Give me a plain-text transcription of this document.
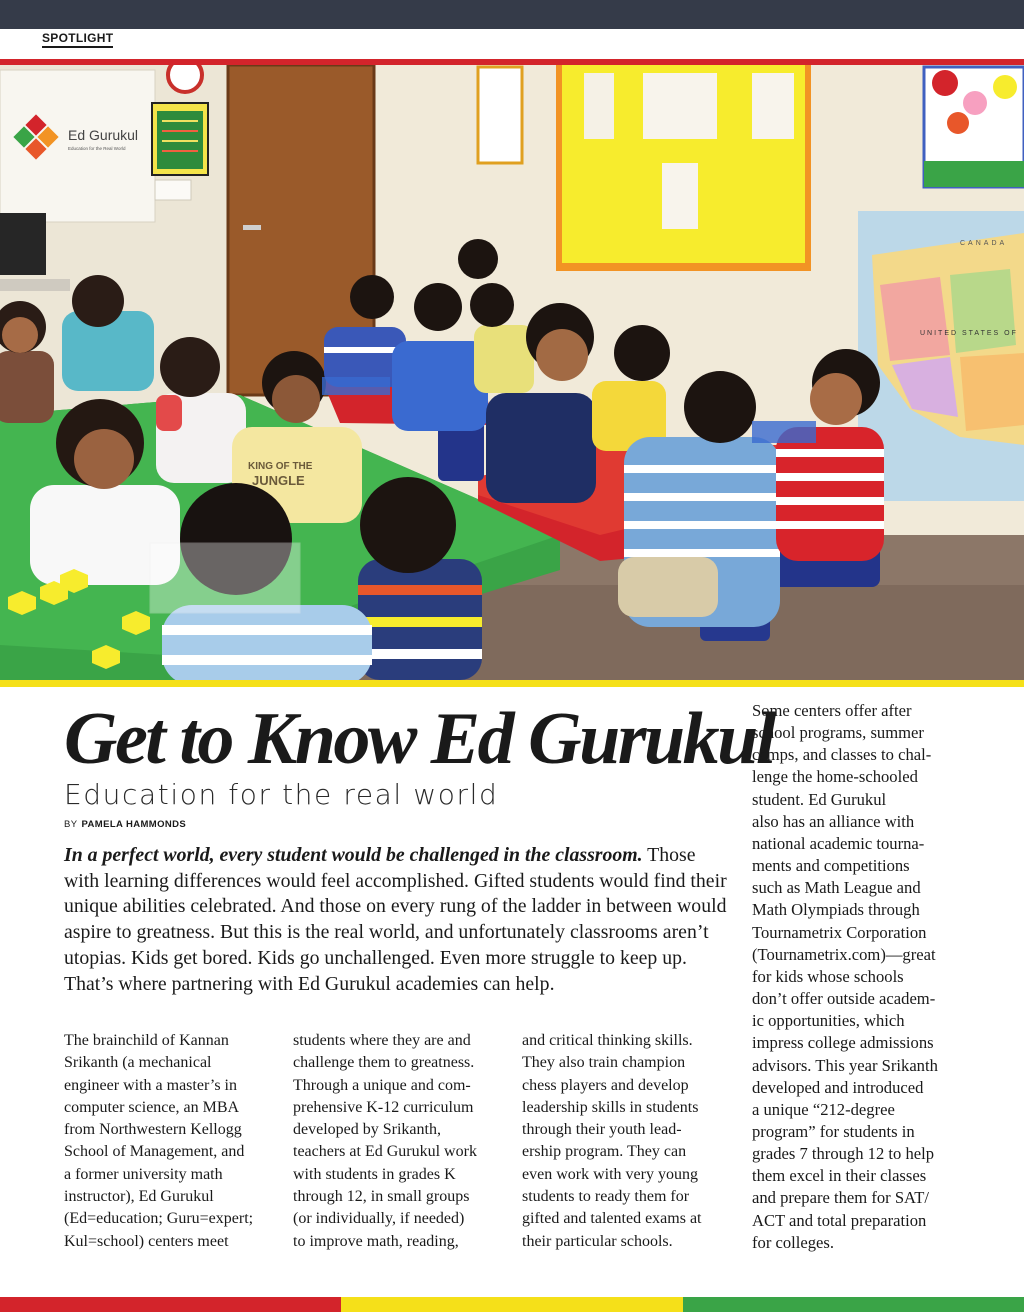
SPOTLIGHT
Ed Gurukul
Education for the Real World
CANADA
UNITED STATES OF
KING OF THE
JUNGLE
Get to Know Ed Gurukul
Education for the real world
BY PAMELA HAMMONDS

In a perfect world, every student would be challenged in the classroom. Those with learning differences would feel accomplished. Gifted students would find their unique abilities celebrated. And those on every rung of the ladder in between would aspire to greatness. But this is the real world, and unfortunately classrooms aren’t utopias. Kids get bored. Kids go unchallenged. Even more struggle to keep up. That’s where partnering with Ed Gurukul academies can help.

The brainchild of Kannan
Srikanth (a mechanical
engineer with a master’s in
computer science, an MBA
from Northwestern Kellogg
School of Management, and
a former university math
instructor), Ed Gurukul
(Ed=education; Guru=expert;
Kul=school) centers meet
students where they are and
challenge them to greatness.
Through a unique and com-
prehensive K-12 curriculum
developed by Srikanth,
teachers at Ed Gurukul work
with students in grades K
through 12, in small groups
(or individually, if needed)
to improve math, reading,
and critical thinking skills.
They also train champion
chess players and develop
leadership skills in students
through their youth lead-
ership program. They can
even work with very young
students to ready them for
gifted and talented exams at
their particular schools.
Some centers offer after
school programs, summer
camps, and classes to chal-
lenge the home-schooled
student. Ed Gurukul
also has an alliance with
national academic tourna-
ments and competitions
such as Math League and
Math Olympiads through
Tournametrix Corporation
(Tournametrix.com)—great
for kids whose schools
don’t offer outside academ-
ic opportunities, which
impress college admissions
advisors. This year Srikanth
developed and introduced
a unique “212-degree
program” for students in
grades 7 through 12 to help
them excel in their classes
and prepare them for SAT/
ACT and total preparation
for colleges.
